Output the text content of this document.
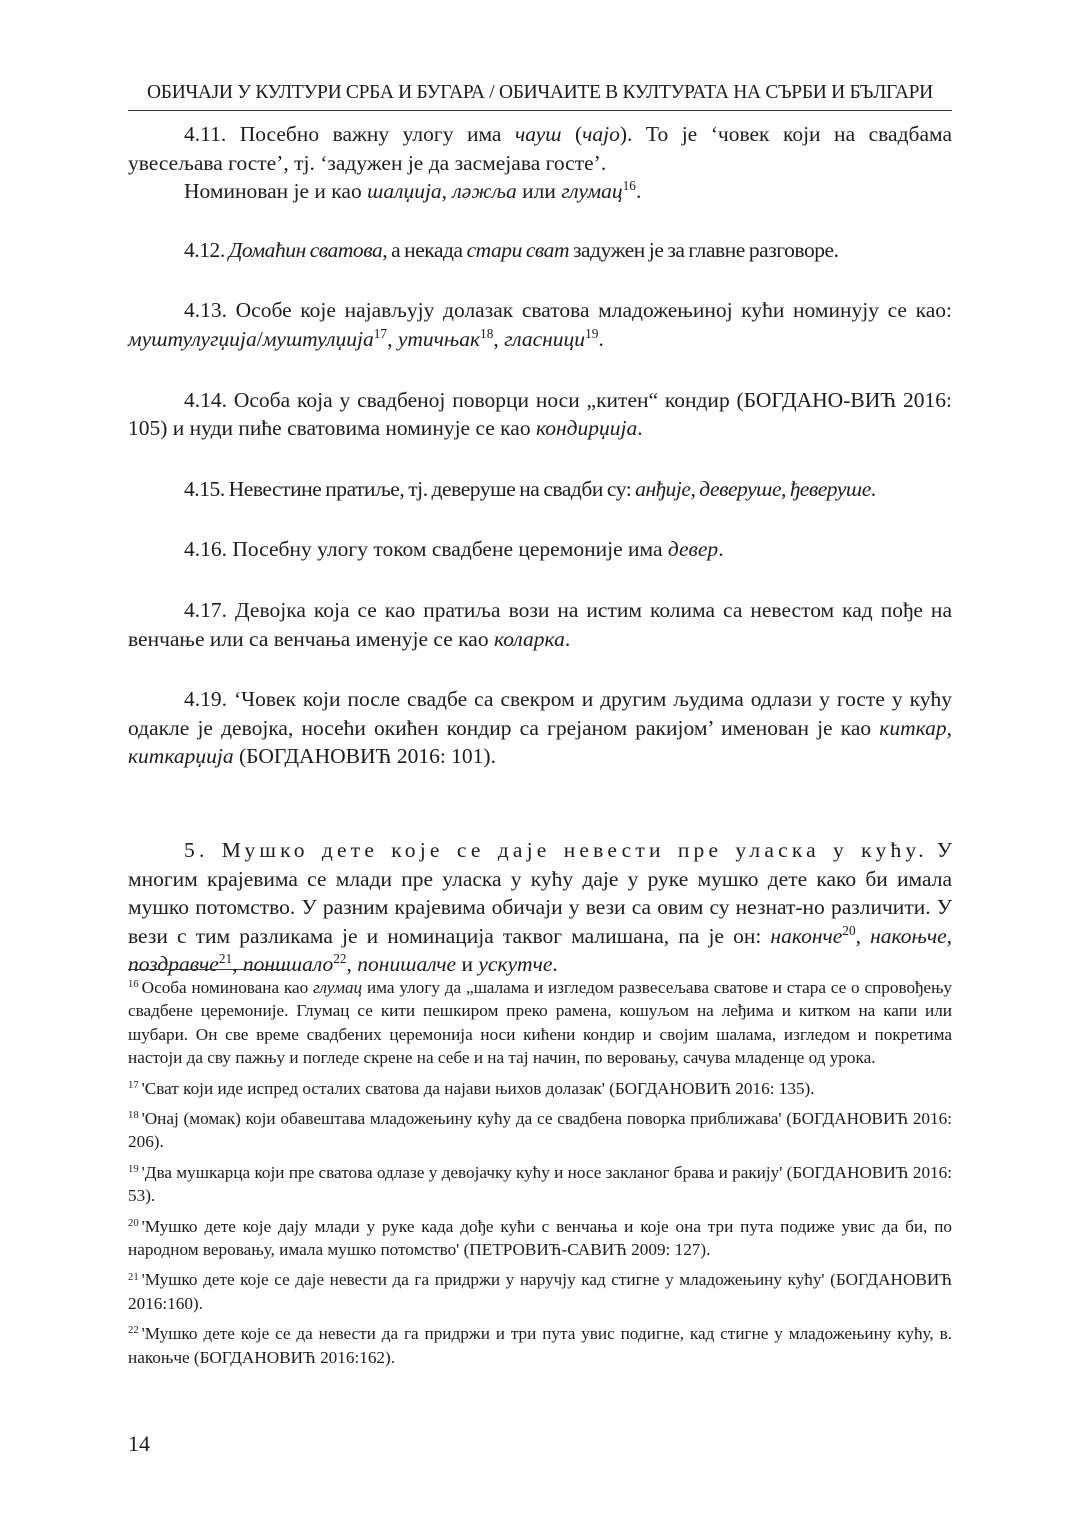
ОБИЧАЈИ У КУЛТУРИ СРБА И БУГАРА / ОБИЧАИТЕ В КУЛТУРАТА НА СЪРБИ И БЪЛГАРИ

4.11. Посебно важну улогу има чауш (чајо). То је ‘човек који на свадбама увесељава госте’, тј. ‘задужен је да засмејава госте’.

Номинован је и као шалџија, лəжља или глумац$^{16}$.

4.12. Домаћин сватова, а некада стари сват задужен је за главне разговоре.

4.13. Особе које најављују долазак сватова младожењиној кући номинују се као: муштулугџија/муштулџија$^{17}$, утичњак$^{18}$, гласници$^{19}$.

4.14. Особа која у свадбеној поворци носи „китен“ кондир (БОГДАНО-ВИЋ 2016: 105) и нуди пиће сватовима номинује се као кондирџија.

4.15. Невестине пратиље, тј. деверуше на свадби су: анђије, деверуше, ђеверуше.

4.16. Посебну улогу током свадбене церемоније има девер.

4.17. Девојка која се као пратиља вози на истим колима са невестом кад пође на венчање или са венчања именује се као коларка.

4.19. ‘Човек који после свадбе са свекром и другим људима одлази у госте у кућу одакле је девојка, носећи окићен кондир са грејаном ракијом’ именован је као киткар, киткарџија (БОГДАНОВИЋ 2016: 101).

5. Мушко дете које се даје невести пре уласка у кућу. У многим крајевима се млади пре уласка у кућу даје у руке мушко дете како би имала мушко потомство. У разним крајевима обичаји у вези са овим су незнат-но различити. У вези с тим разликама је и номинација таквог малишана, па је он: наконче$^{20}$, накоњче, поздравче$^{21}$, понишало$^{22}$, понишалче и ускутче.

$^{16}$ Особа номинована као глумац има улогу да „шалама и изгледом развесељава сватове и стара се о спровођењу свадбене церемоније. Глумац се кити пешкиром преко рамена, кошуљом на леђима и китком на капи или шубари. Он све време свадбених церемонија носи кићени кондир и својим шалама, изгледом и покретима настоји да сву пажњу и погледе скрене на себе и на тај начин, по веровању, сачува младенце од урока.

$^{17}$ 'Сват који иде испред осталих сватова да најави њихов долазак' (БОГДАНОВИЋ 2016: 135).

$^{18}$ 'Онај (момак) који обавештава младожењину кућу да се свадбена поворка приближава' (БОГДАНОВИЋ 2016: 206).

$^{19}$ 'Два мушкарца који пре сватова одлазе у девојачку кућу и носе закланог брава и ракију' (БОГДАНОВИЋ 2016: 53).

$^{20}$ 'Мушко дете које дају млади у руке када дође кући с венчања и које она три пута подиже увис да би, по народном веровању, имала мушко потомство' (ПЕТРОВИЋ-САВИЋ 2009: 127).

$^{21}$ 'Мушко дете које се даје невести да га придржи у наручју кад стигне у младожењину кућу' (БОГДАНОВИЋ 2016:160).

$^{22}$ 'Мушко дете које се да невести да га придржи и три пута увис подигне, кад стигне у младожењину кућу, в. накоњче (БОГДАНОВИЋ 2016:162).

14
